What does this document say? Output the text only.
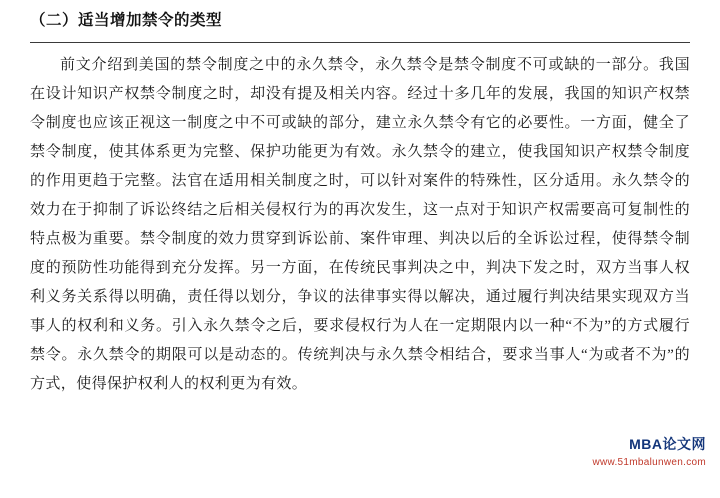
（二）适当增加禁令的类型

前文介绍到美国的禁令制度之中的永久禁令，永久禁令是禁令制度不可或缺的一部分。我国在设计知识产权禁令制度之时，却没有提及相关内容。经过十多几年的发展，我国的知识产权禁令制度也应该正视这一制度之中不可或缺的部分，建立永久禁令有它的必要性。一方面，健全了禁令制度，使其体系更为完整、保护功能更为有效。永久禁令的建立，使我国知识产权禁令制度的作用更趋于完整。法官在适用相关制度之时，可以针对案件的特殊性，区分适用。永久禁令的效力在于抑制了诉讼终结之后相关侵权行为的再次发生，这一点对于知识产权需要高可复制性的特点极为重要。禁令制度的效力贯穿到诉讼前、案件审理、判决以后的全诉讼过程，使得禁令制度的预防性功能得到充分发挥。另一方面，在传统民事判决之中，判决下发之时，双方当事人权利义务关系得以明确，责任得以划分，争议的法律事实得以解决，通过履行判决结果实现双方当事人的权利和义务。引入永久禁令之后，要求侵权行为人在一定期限内以一种“不为”的方式履行禁令。永久禁令的期限可以是动态的。传统判决与永久禁令相结合，要求当事人“为或者不为”的方式，使得保护权利人的权利更为有效。

MBA论文网
www.51mbalunwen.com
